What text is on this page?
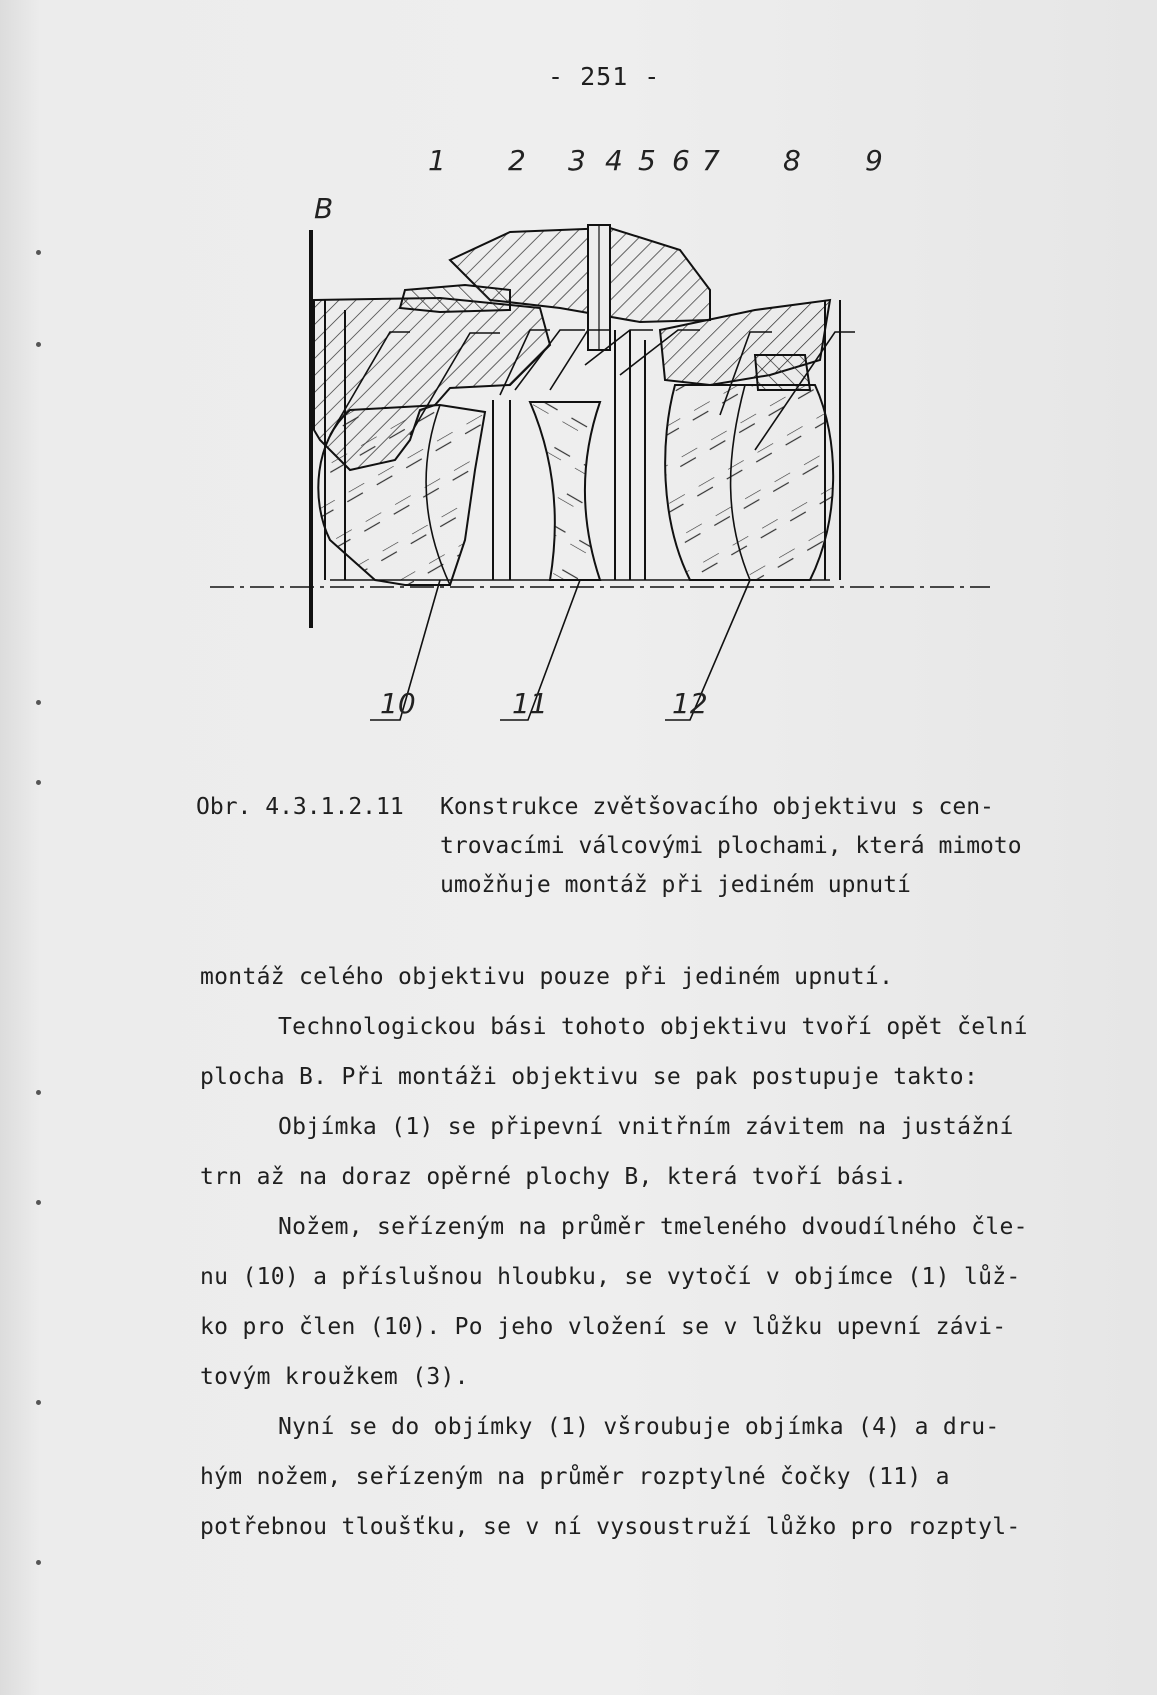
- 251 -
B
1 2 3 4 5 6 7 8 9
10	11	12
Obr. 4.3.1.2.11 Konstrukce zvětšovacího objektivu s cen-
trovacími válcovými plochami, která mimoto
umožňuje montáž při jediném upnutí
montáž celého objektivu pouze při jediném upnutí.
Technologickou bási tohoto objektivu tvoří opět čelní
plocha B. Při montáži objektivu se pak postupuje takto:
Objímka (1) se připevní vnitřním závitem na justážní
trn až na doraz opěrné plochy B, která tvoří bási.
Nožem, seřízeným na průměr tmeleného dvoudílného čle-
nu (10) a příslušnou hloubku, se vytočí v objímce (1) lůž-
ko pro člen (10). Po jeho vložení se v lůžku upevní závi-
tovým kroužkem (3).
Nyní se do objímky (1) všroubuje objímka (4) a dru-
hým nožem, seřízeným na průměr rozptylné čočky (11) a
potřebnou tloušťku, se v ní vysoustruží lůžko pro rozptyl-
